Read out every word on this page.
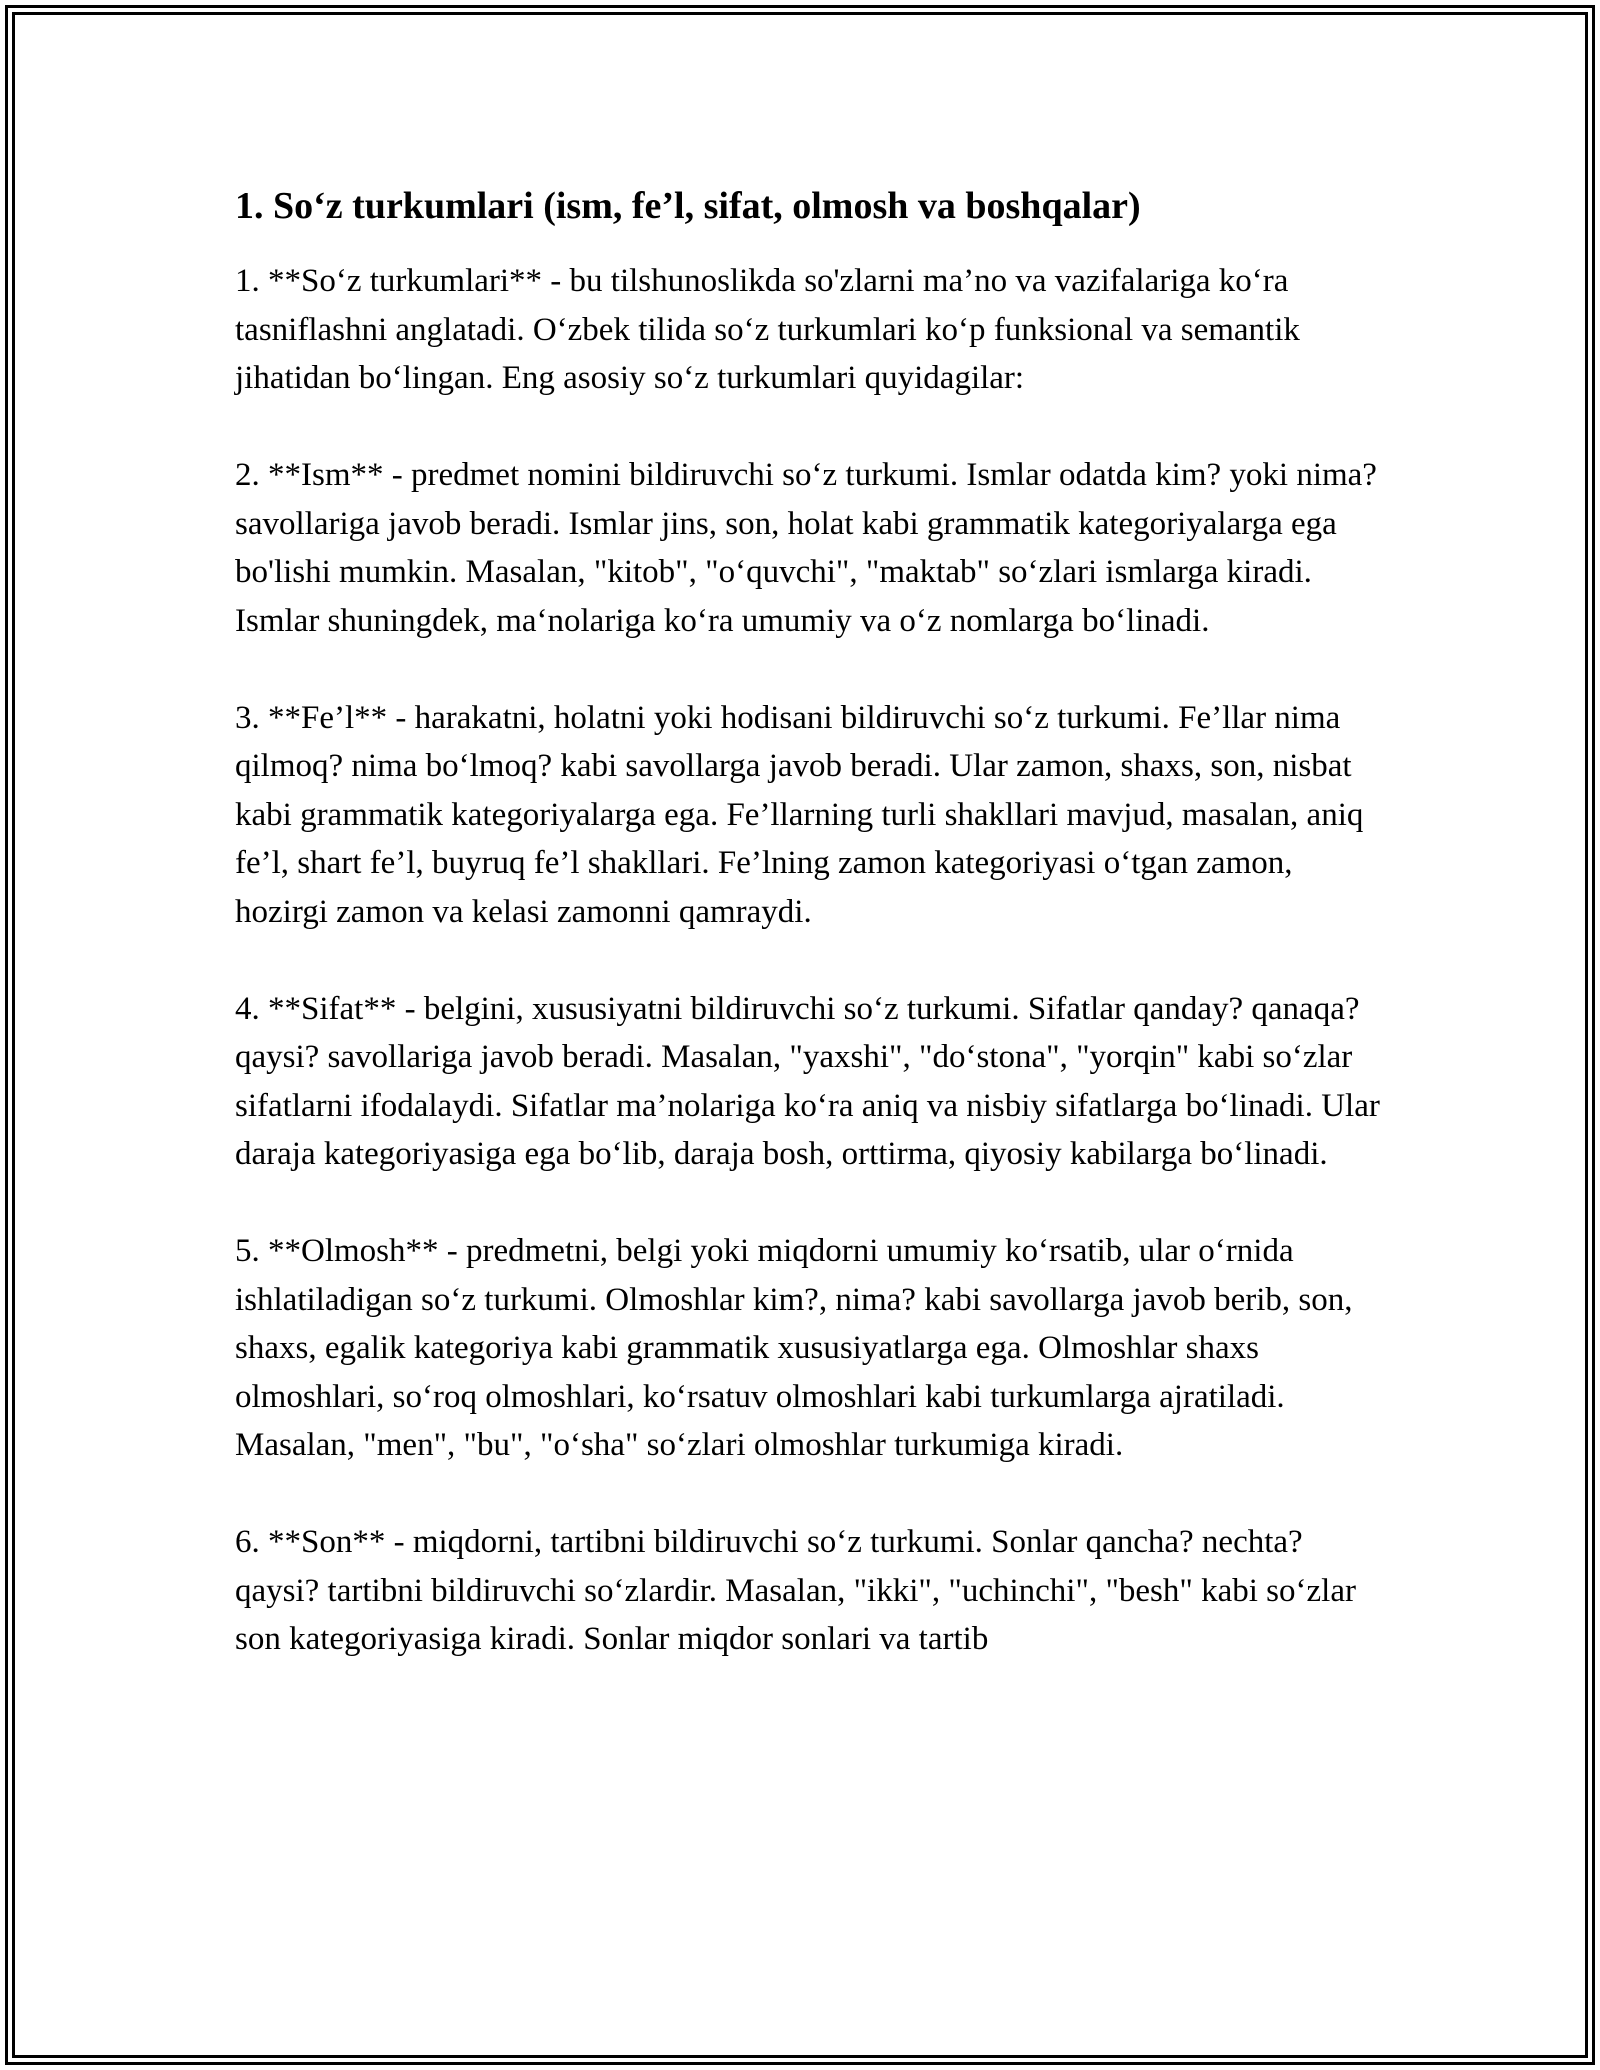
1. So‘z turkumlari (ism, fe’l, sifat, olmosh va boshqalar)

1. **So‘z turkumlari** - bu tilshunoslikda so'zlarni ma’no va vazifalariga ko‘ra tasniflashni anglatadi. O‘zbek tilida so‘z turkumlari ko‘p funksional va semantik jihatidan bo‘lingan. Eng asosiy so‘z turkumlari quyidagilar:

2. **Ism** - predmet nomini bildiruvchi so‘z turkumi. Ismlar odatda kim? yoki nima? savollariga javob beradi. Ismlar jins, son, holat kabi grammatik kategoriyalarga ega bo'lishi mumkin. Masalan, "kitob", "o‘quvchi", "maktab" so‘zlari ismlarga kiradi. Ismlar shuningdek, ma‘nolariga ko‘ra umumiy va o‘z nomlarga bo‘linadi.

3. **Fe’l** - harakatni, holatni yoki hodisani bildiruvchi so‘z turkumi. Fe’llar nima qilmoq? nima bo‘lmoq? kabi savollarga javob beradi. Ular zamon, shaxs, son, nisbat kabi grammatik kategoriyalarga ega. Fe’llarning turli shakllari mavjud, masalan, aniq fe’l, shart fe’l, buyruq fe’l shakllari. Fe’lning zamon kategoriyasi o‘tgan zamon, hozirgi zamon va kelasi zamonni qamraydi.

4. **Sifat** - belgini, xususiyatni bildiruvchi so‘z turkumi. Sifatlar qanday? qanaqa? qaysi? savollariga javob beradi. Masalan, "yaxshi", "do‘stona", "yorqin" kabi so‘zlar sifatlarni ifodalaydi. Sifatlar ma’nolariga ko‘ra aniq va nisbiy sifatlarga bo‘linadi. Ular daraja kategoriyasiga ega bo‘lib, daraja bosh, orttirma, qiyosiy kabilarga bo‘linadi.

5. **Olmosh** - predmetni, belgi yoki miqdorni umumiy ko‘rsatib, ular o‘rnida ishlatiladigan so‘z turkumi. Olmoshlar kim?, nima? kabi savollarga javob berib, son, shaxs, egalik kategoriya kabi grammatik xususiyatlarga ega. Olmoshlar shaxs olmoshlari, so‘roq olmoshlari, ko‘rsatuv olmoshlari kabi turkumlarga ajratiladi. Masalan, "men", "bu", "o‘sha" so‘zlari olmoshlar turkumiga kiradi.

6. **Son** - miqdorni, tartibni bildiruvchi so‘z turkumi. Sonlar qancha? nechta? qaysi? tartibni bildiruvchi so‘zlardir. Masalan, "ikki", "uchinchi", "besh" kabi so‘zlar son kategoriyasiga kiradi. Sonlar miqdor sonlari va tartib
